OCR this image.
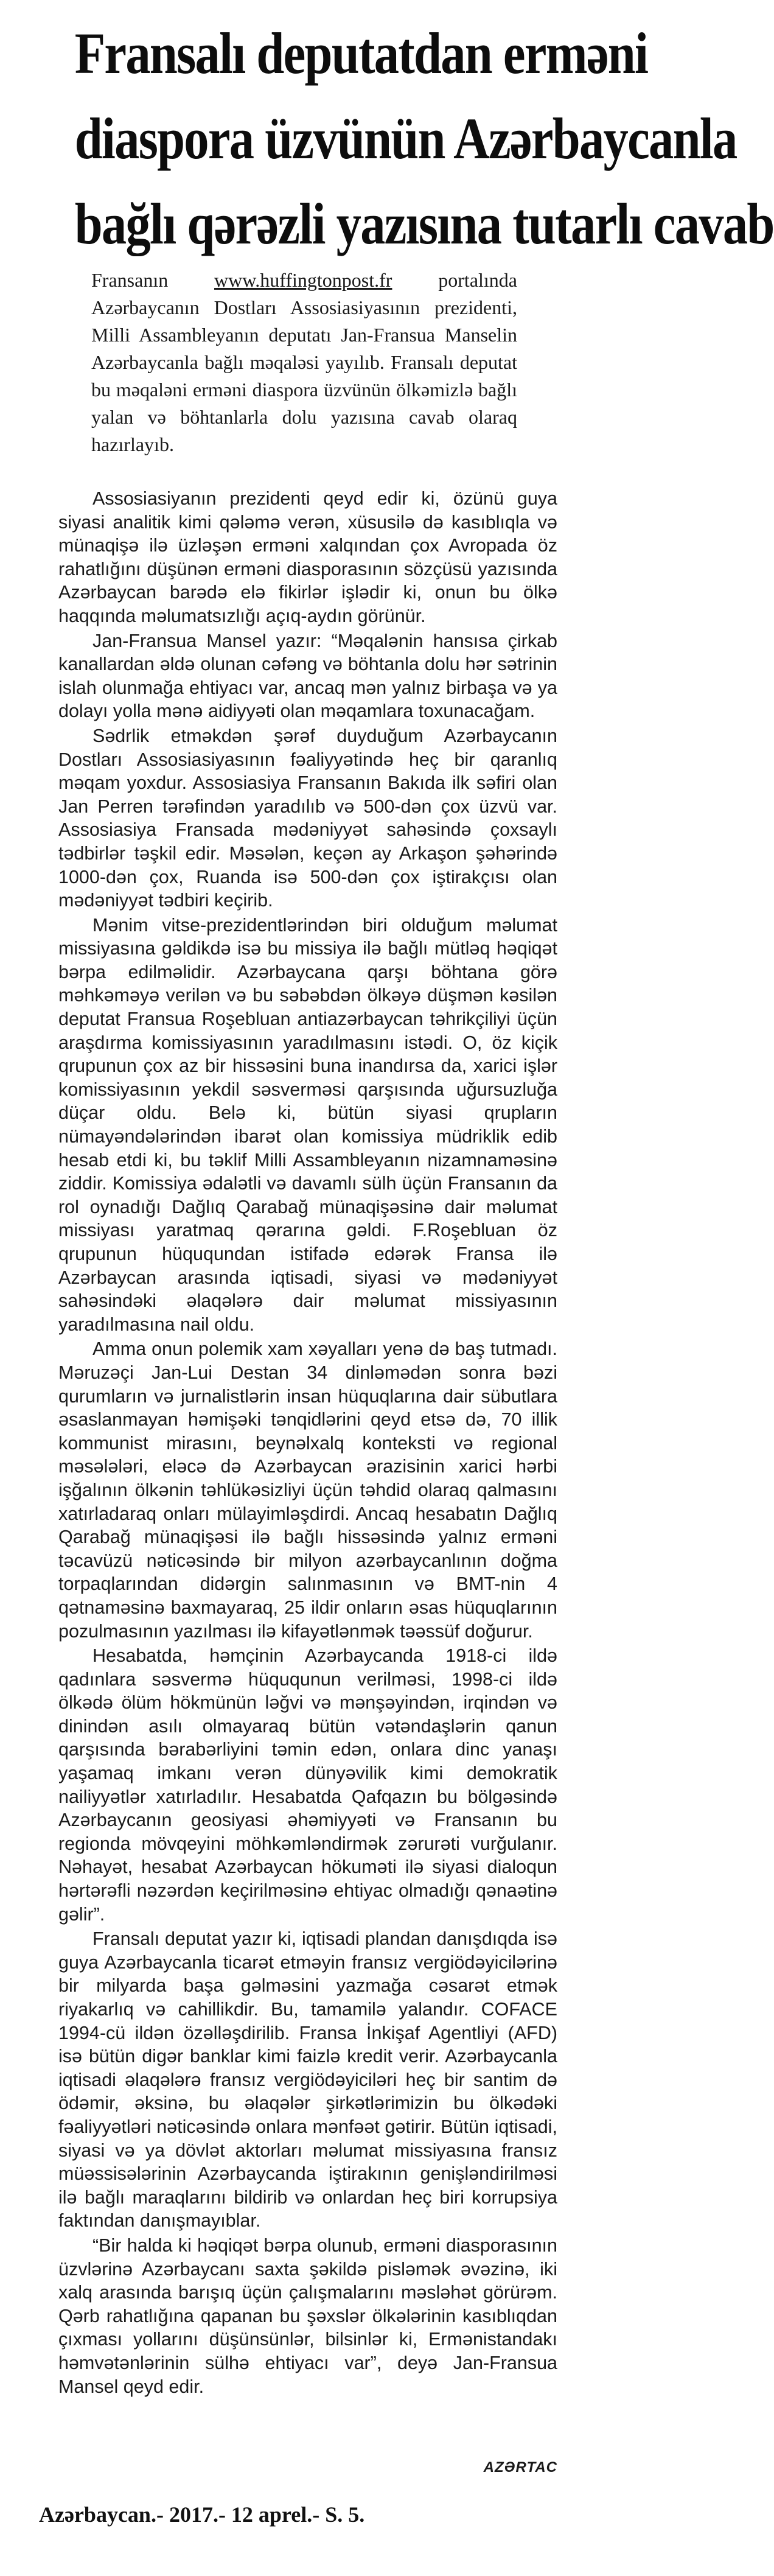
Fransalı deputatdan erməni
diaspora üzvünün Azərbaycanla
bağlı qərəzli yazısına tutarlı cavab
Fransanın www.huffingtonpost.fr portalında Azərbaycanın Dostları Assosiasiyasının prezidenti, Milli Assambleyanın deputatı Jan-Fransua Manselin Azərbaycanla bağlı məqaləsi yayılıb. Fransalı deputat bu məqaləni erməni diaspora üzvünün ölkəmizlə bağlı yalan və böhtanlarla dolu yazısına cavab olaraq hazırlayıb.

Assosiasiyanın prezidenti qeyd edir ki, özünü guya siyasi analitik kimi qələmə verən, xüsusilə də kasıblıqla və münaqişə ilə üzləşən erməni xalqından çox Avropada öz rahatlığını düşünən erməni diasporasının sözçüsü yazısında Azərbaycan barədə elə fikirlər işlədir ki, onun bu ölkə haqqında məlumatsızlığı açıq-aydın görünür.

Jan-Fransua Mansel yazır: “Məqalənin hansısa çirkab kanallardan əldə olunan cəfəng və böhtanla dolu hər sətrinin islah olunmağa ehtiyacı var, ancaq mən yalnız birbaşa və ya dolayı yolla mənə aidiyyəti olan məqamlara toxunacağam.

Sədrlik etməkdən şərəf duyduğum Azərbaycanın Dostları Assosiasiyasının fəaliyyətində heç bir qaranlıq məqam yoxdur. Assosiasiya Fransanın Bakıda ilk səfiri olan Jan Perren tərəfindən yaradılıb və 500-dən çox üzvü var. Assosiasiya Fransada mədəniyyət sahəsində çoxsaylı tədbirlər təşkil edir. Məsələn, keçən ay Arkaşon şəhərində 1000-dən çox, Ruanda isə 500-dən çox iştirakçısı olan mədəniyyət tədbiri keçirib.

Mənim vitse-prezidentlərindən biri olduğum məlumat missiyasına gəldikdə isə bu missiya ilə bağlı mütləq həqiqət bərpa edilməlidir. Azərbaycana qarşı böhtana görə məhkəməyə verilən və bu səbəbdən ölkəyə düşmən kəsilən deputat Fransua Roşebluan antiazərbaycan təhrikçiliyi üçün araşdırma komissiyasının yaradılmasını istədi. O, öz kiçik qrupunun çox az bir hissəsini buna inandırsa da, xarici işlər komissiyasının yekdil səsverməsi qarşısında uğursuzluğa düçar oldu. Belə ki, bütün siyasi qrupların nümayəndələrindən ibarət olan komissiya müdriklik edib hesab etdi ki, bu təklif Milli Assambleyanın nizamnaməsinə ziddir. Komissiya ədalətli və davamlı sülh üçün Fransanın da rol oynadığı Dağlıq Qarabağ münaqişəsinə dair məlumat missiyası yaratmaq qərarına gəldi. F.Roşebluan öz qrupunun hüququndan istifadə edərək Fransa ilə Azərbaycan arasında iqtisadi, siyasi və mədəniyyət sahəsindəki əlaqələrə dair məlumat missiyasının yaradılmasına nail oldu.

Amma onun polemik xam xəyalları yenə də baş tutmadı. Məruzəçi Jan-Lui Destan 34 dinləmədən sonra bəzi qurumların və jurnalistlərin insan hüquqlarına dair sübutlara əsaslanmayan həmişəki tənqidlərini qeyd etsə də, 70 illik kommunist mirasını, beynəlxalq konteksti və regional məsələləri, eləcə də Azərbaycan ərazisinin xarici hərbi işğalının ölkənin təhlükəsizliyi üçün təhdid olaraq qalmasını xatırladaraq onları mülayimləşdirdi. Ancaq hesabatın Dağlıq Qarabağ münaqişəsi ilə bağlı hissəsində yalnız erməni təcavüzü nəticəsində bir milyon azərbaycanlının doğma torpaqlarından didərgin salınmasının və BMT-nin 4 qətnaməsinə baxmayaraq, 25 ildir onların əsas hüquqlarının pozulmasının yazılması ilə kifayətlənmək təəssüf doğurur.

Hesabatda, həmçinin Azərbaycanda 1918-ci ildə qadınlara səsvermə hüququnun verilməsi, 1998-ci ildə ölkədə ölüm hökmünün ləğvi və mənşəyindən, irqindən və dinindən asılı olmayaraq bütün vətəndaşlərin qanun qarşısında bərabərliyini təmin edən, onlara dinc yanaşı yaşamaq imkanı verən dünyəvilik kimi demokratik nailiyyətlər xatırladılır. Hesabatda Qafqazın bu bölgəsində Azərbaycanın geosiyasi əhəmiyyəti və Fransanın bu regionda mövqeyini möhkəmləndirmək zərurəti vurğulanır. Nəhayət, hesabat Azərbaycan hökuməti ilə siyasi dialoqun hərtərəfli nəzərdən keçirilməsinə ehtiyac olmadığı qənaətinə gəlir”.

Fransalı deputat yazır ki, iqtisadi plandan danışdıqda isə guya Azərbaycanla ticarət etməyin fransız vergiödəyicilərinə bir milyarda başa gəlməsini yazmağa cəsarət etmək riyakarlıq və cahillikdir. Bu, tamamilə yalandır. COFACE 1994-cü ildən özəlləşdirilib. Fransa İnkişaf Agentliyi (AFD) isə bütün digər banklar kimi faizlə kredit verir. Azərbaycanla iqtisadi əlaqələrə fransız vergiödəyiciləri heç bir santim də ödəmir, əksinə, bu əlaqələr şirkətlərimizin bu ölkədəki fəaliyyətləri nəticəsində onlara mənfəət gətirir. Bütün iqtisadi, siyasi və ya dövlət aktorları məlumat missiyasına fransız müəssisələrinin Azərbaycanda iştirakının genişləndirilməsi ilə bağlı maraqlarını bildirib və onlardan heç biri korrupsiya faktından danışmayıblar.

“Bir halda ki həqiqət bərpa olunub, erməni diasporasının üzvlərinə Azərbaycanı saxta şəkildə pisləmək əvəzinə, iki xalq arasında barışıq üçün çalışmalarını məsləhət görürəm. Qərb rahatlığına qapanan bu şəxslər ölkələrinin kasıblıqdan çıxması yollarını düşünsünlər, bilsinlər ki, Ermənistandakı həmvətənlərinin sülhə ehtiyacı var”, deyə Jan-Fransua Mansel qeyd edir.

AZƏRTAC
Azərbaycan.- 2017.- 12 aprel.- S. 5.
